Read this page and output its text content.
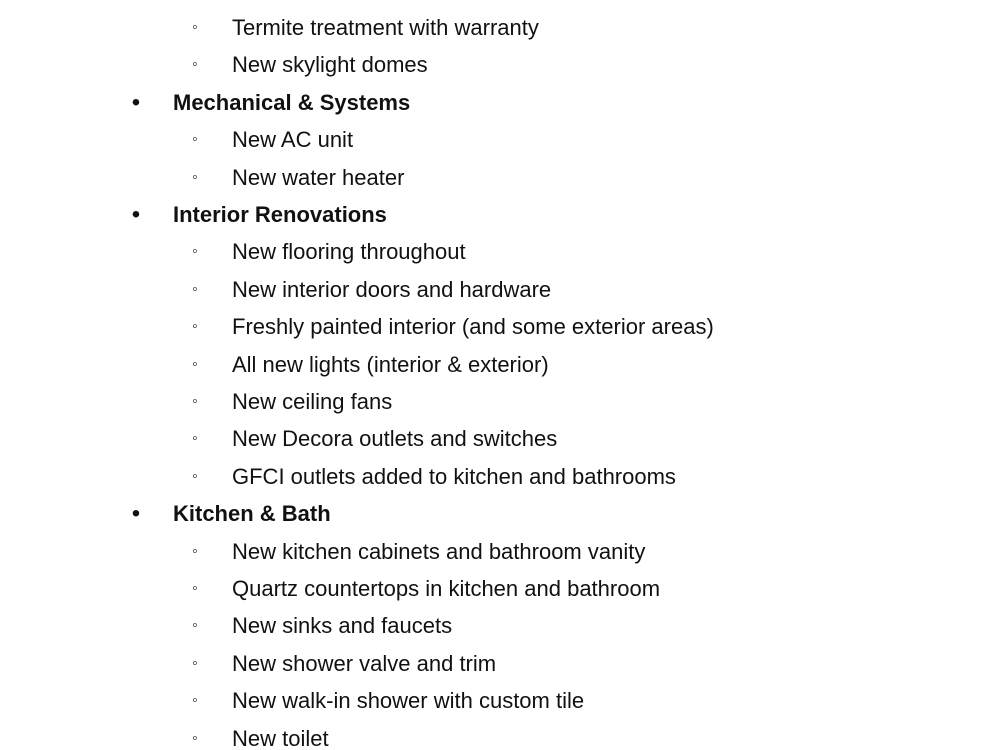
◦ Termite treatment with warranty
◦ New skylight domes
• Mechanical & Systems
◦ New AC unit
◦ New water heater
• Interior Renovations
◦ New flooring throughout
◦ New interior doors and hardware
◦ Freshly painted interior (and some exterior areas)
◦ All new lights (interior & exterior)
◦ New ceiling fans
◦ New Decora outlets and switches
◦ GFCI outlets added to kitchen and bathrooms
• Kitchen & Bath
◦ New kitchen cabinets and bathroom vanity
◦ Quartz countertops in kitchen and bathroom
◦ New sinks and faucets
◦ New shower valve and trim
◦ New walk-in shower with custom tile
◦ New toilet
